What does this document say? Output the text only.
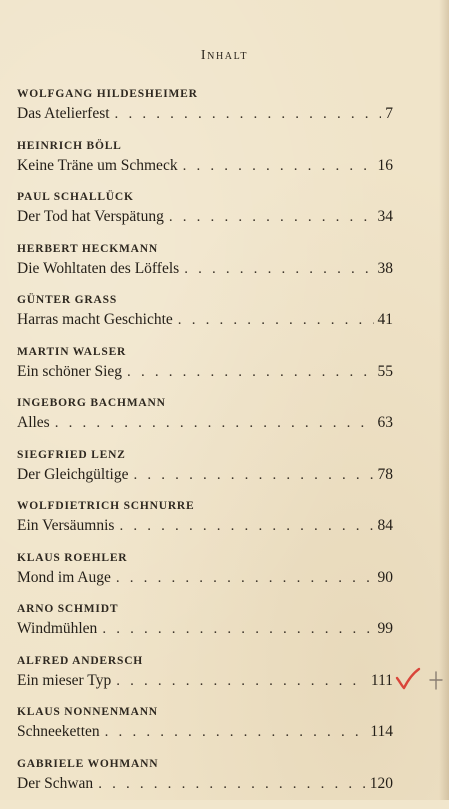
Inhalt
WOLFGANG HILDESHEIMER
Das Atelierfest . . .	7
HEINRICH BÖLL
Keine Träne um Schmeck . . .	16
PAUL SCHALLÜCK
Der Tod hat Verspätung . . .	34
HERBERT HECKMANN
Die Wohltaten des Löffels . . .	38
GÜNTER GRASS
Harras macht Geschichte . . .	41
MARTIN WALSER
Ein schöner Sieg . . .	55
INGEBORG BACHMANN
Alles . . .	63
SIEGFRIED LENZ
Der Gleichgültige . . .	78
WOLFDIETRICH SCHNURRE
Ein Versäumnis . . .	84
KLAUS ROEHLER
Mond im Auge . . .	90
ARNO SCHMIDT
Windmühlen . . .	99
ALFRED ANDERSCH
Ein mieser Typ . . .	111
KLAUS NONNENMANN
Schneeketten . . .	114
GABRIELE WOHMANN
Der Schwan . . .	120
